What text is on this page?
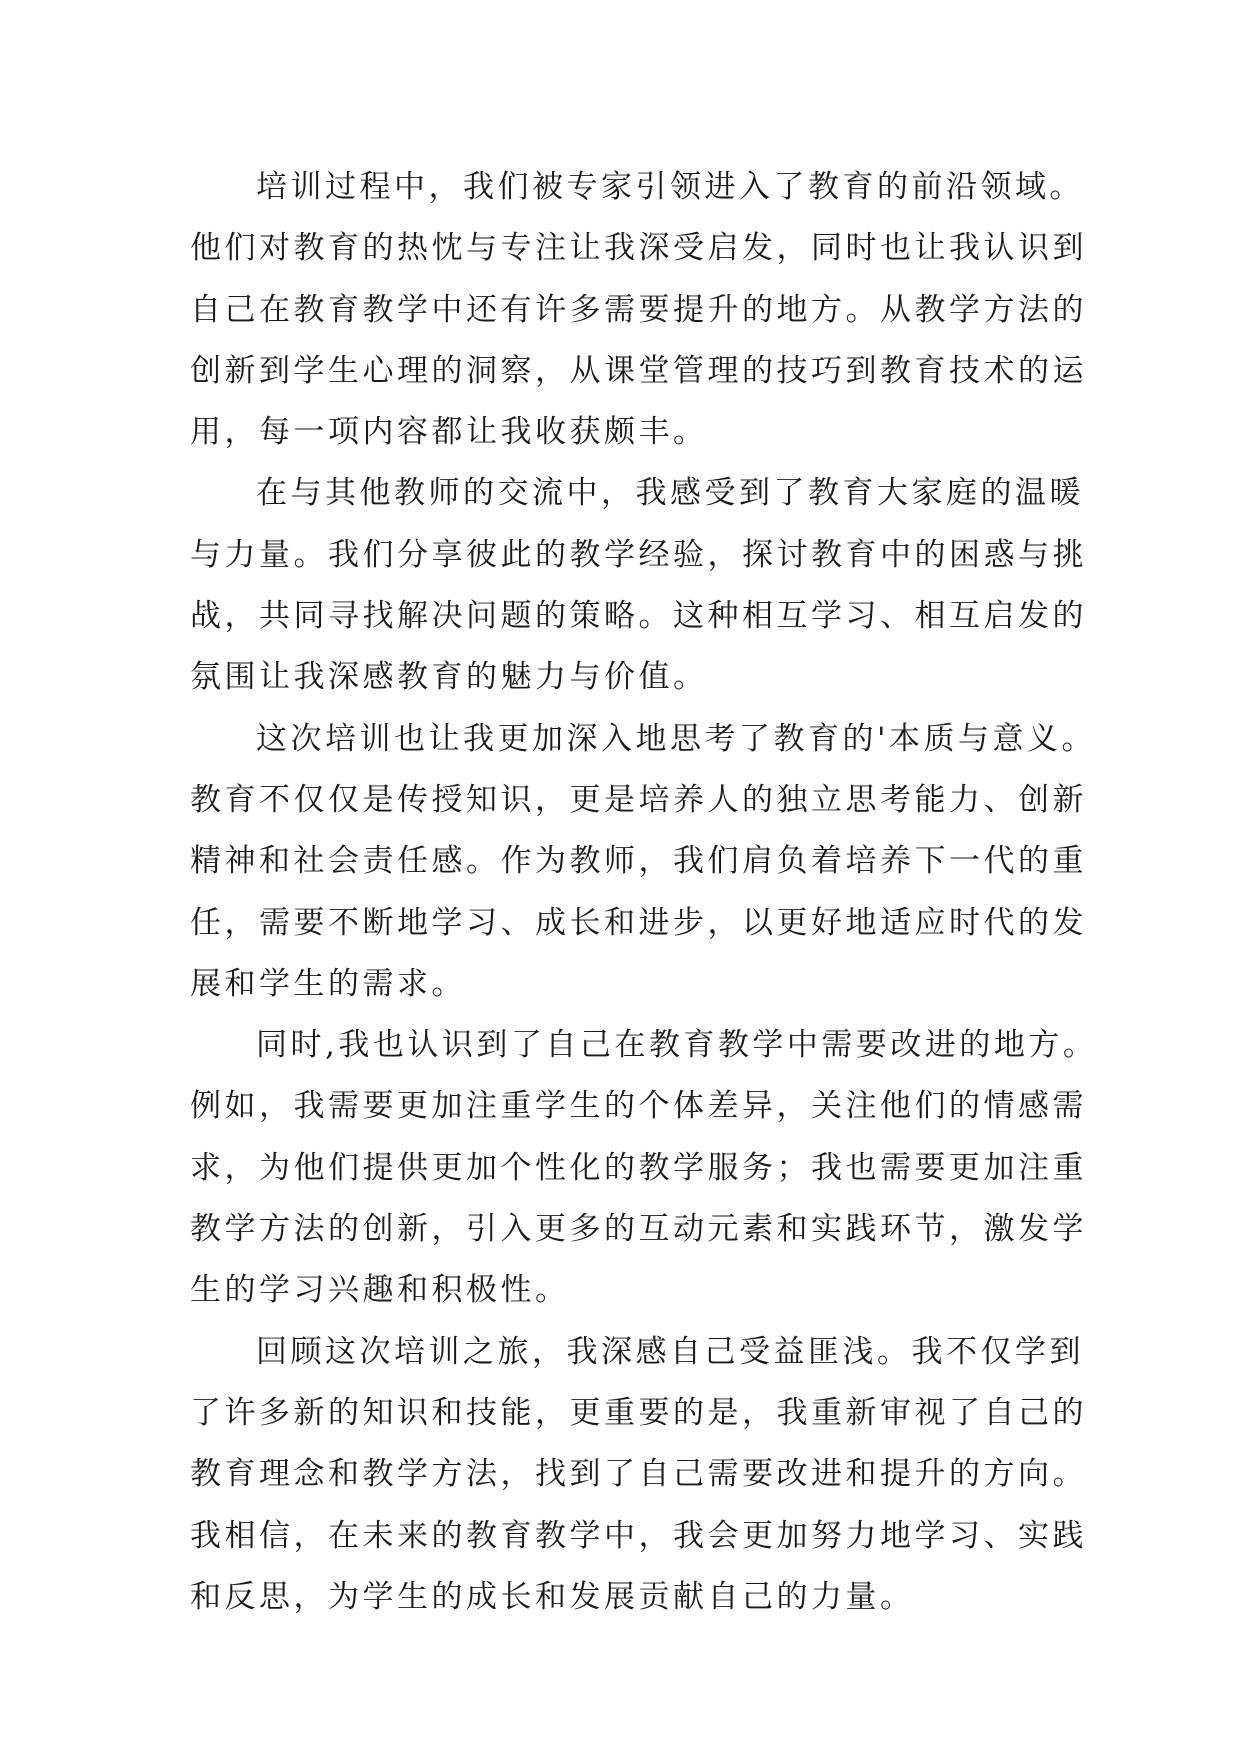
培训过程中，我们被专家引领进入了教育的前沿领域。
他们对教育的热忱与专注让我深受启发，同时也让我认识到
自己在教育教学中还有许多需要提升的地方。从教学方法的
创新到学生心理的洞察，从课堂管理的技巧到教育技术的运
用，每一项内容都让我收获颇丰。
在与其他教师的交流中，我感受到了教育大家庭的温暖
与力量。我们分享彼此的教学经验，探讨教育中的困惑与挑
战，共同寻找解决问题的策略。这种相互学习、相互启发的
氛围让我深感教育的魅力与价值。
这次培训也让我更加深入地思考了教育的'本质与意义。
教育不仅仅是传授知识，更是培养人的独立思考能力、创新
精神和社会责任感。作为教师，我们肩负着培养下一代的重
任，需要不断地学习、成长和进步，以更好地适应时代的发
展和学生的需求。
同时,我也认识到了自己在教育教学中需要改进的地方。
例如，我需要更加注重学生的个体差异，关注他们的情感需
求，为他们提供更加个性化的教学服务；我也需要更加注重
教学方法的创新，引入更多的互动元素和实践环节，激发学
生的学习兴趣和积极性。
回顾这次培训之旅，我深感自己受益匪浅。我不仅学到
了许多新的知识和技能，更重要的是，我重新审视了自己的
教育理念和教学方法，找到了自己需要改进和提升的方向。
我相信，在未来的教育教学中，我会更加努力地学习、实践
和反思，为学生的成长和发展贡献自己的力量。
